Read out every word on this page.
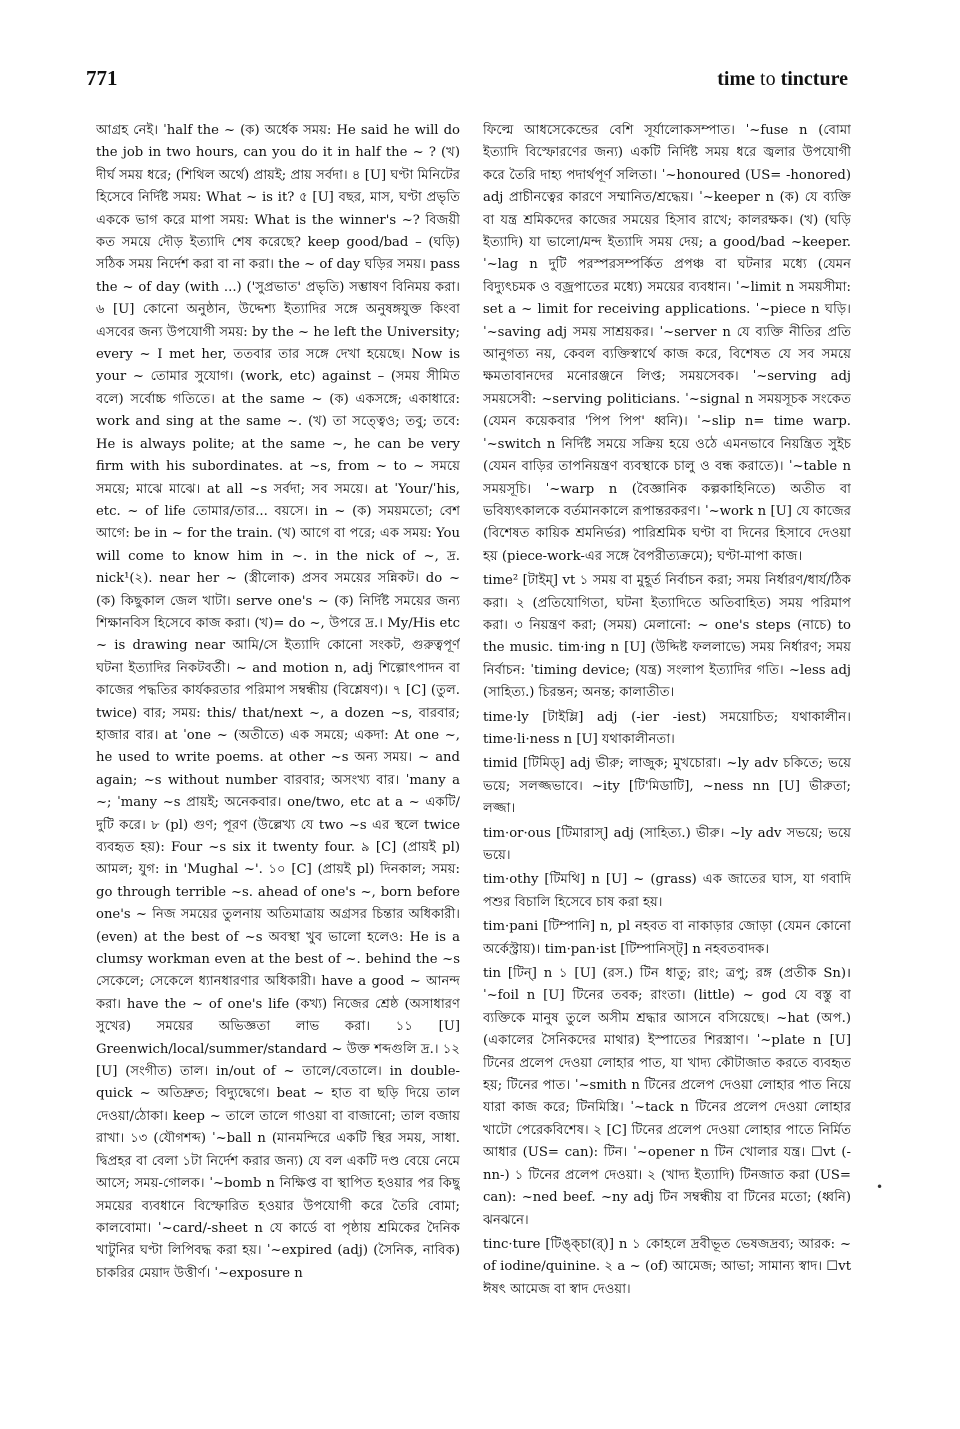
771	time to tincture

আগ্রহ নেই। ˈhalf the ~ (ক) অর্ধেক সময়: He said he will do the job in two hours, can you do it in half the ~ ? (খ) দীর্ঘ সময় ধরে; (শিথিল অর্থে) প্রায়ই; প্রায় সর্বদা। ৪ [U] ঘণ্টা মিনিটের হিসেবে নির্দিষ্ট সময়: What ~ is it? ৫ [U] বছর, মাস, ঘণ্টা প্রভৃতি এককে ভাগ করে মাপা সময়: What is the winner's ~? বিজয়ী কত সময়ে দৌড় ইত্যাদি শেষ করেছে? keep good/bad – (ঘড়ি) সঠিক সময় নির্দেশ করা বা না করা। the ~ of day ঘড়ির সময়। pass the ~ of day (with ...) ('সুপ্রভাত' প্রভৃতি) সম্ভাষণ বিনিময় করা। ৬ [U] কোনো অনুষ্ঠান, উদ্দেশ্য ইত্যাদির সঙ্গে অনুষঙ্গযুক্ত কিংবা এসবের জন্য উপযোগী সময়: by the ~ he left the University; every ~ I met her, ততবার তার সঙ্গে দেখা হয়েছে। Now is your ~ তোমার সুযোগ। (work, etc) against – (সময় সীমিত বলে) সর্বোচ্চ গতিতে। at the same ~ (ক) একসঙ্গে; একাধারে: work and sing at the same ~. (খ) তা সত্ত্বেও; তবু; তবে: He is always polite; at the same ~, he can be very firm with his subordinates. at ~s, from ~ to ~ সময়ে সময়ে; মাঝে মাঝে। at all ~s সর্বদা; সব সময়ে। at ˈYour/ˈhis, etc. ~ of life তোমার/তার... বয়সে। in ~ (ক) সময়মতো; বেশ আগে: be in ~ for the train. (খ) আগে বা পরে; এক সময়: You will come to know him in ~. in the nick of ~, দ্র. nick¹(২). near her ~ (স্ত্রীলোক) প্রসব সময়ের সন্নিকট। do ~ (ক) কিছুকাল জেল খাটা। serve one's ~ (ক) নির্দিষ্ট সময়ের জন্য শিক্ষানবিস হিসেবে কাজ করা। (খ)= do ~, উপরে দ্র.। My/His etc ~ is drawing near আমি/সে ইত্যাদি কোনো সংকট, গুরুত্বপূর্ণ ঘটনা ইত্যাদির নিকটবর্তী। ~ and motion n, adj শিল্পোৎপাদন বা কাজের পদ্ধতির কার্যকরতার পরিমাপ সম্বন্ধীয় (বিশ্লেষণ)। ৭ [C] (তুল. twice) বার; সময়: this/ that/next ~, a dozen ~s, বারবার; হাজার বার। at ˈone ~ (অতীতে) এক সময়ে; একদা: At one ~, he used to write poems. at other ~s অন্য সময়। ~ and again; ~s without number বারবার; অসংখ্য বার। ˈmany a ~; ˈmany ~s প্রায়ই; অনেকবার। one/two, etc at a ~ একটি/দুটি করে। ৮ (pl) গুণ; পূরণ (উল্লেখ্য যে two ~s এর স্থলে twice ব্যবহৃত হয়): Four ~s six it twenty four. ৯ [C] (প্রায়ই pl) আমল; যুগ: in 'Mughal ~'. ১০ [C] (প্রায়ই pl) দিনকাল; সময়: go through terrible ~s. ahead of one's ~, born before one's ~ নিজ সময়ের তুলনায় অতিমাত্রায় অগ্রসর চিন্তার অধিকারী। (even) at the best of ~s অবস্থা খুব ভালো হলেও: He is a clumsy workman even at the best of ~. behind the ~s সেকেলে; সেকেলে ধ্যানধারণার অধিকারী। have a good ~ আনন্দ করা। have the ~ of one's life (কখ্য) নিজের শ্রেষ্ঠ (অসাধারণ সুখের) সময়ের অভিজ্ঞতা লাভ করা। ১১ [U] Greenwich/local/summer/standard ~ উক্ত শব্দগুলি দ্র.। ১২ [U] (সংগীত) তাল। in/out of ~ তালে/বেতালে। in double-quick ~ অতিদ্রুত; বিদ্যুদ্বেগে। beat ~ হাত বা ছড়ি দিয়ে তাল দেওয়া/ঠোকা। keep ~ তালে তালে গাওয়া বা বাজানো; তাল বজায় রাখা। ১৩ (যৌগশব্দ) ˈ~ball n (মানমন্দিরে একটি স্থির সময়, সাধা. দ্বিপ্রহর বা বেলা ১টা নির্দেশ করার জন্য) যে বল একটি দণ্ড বেয়ে নেমে আসে; সময়-গোলক। ˈ~bomb n নিক্ষিপ্ত বা স্থাপিত হওয়ার পর কিছু সময়ের ব্যবধানে বিস্ফোরিত হওয়ার উপযোগী করে তৈরি বোমা; কালবোমা। ˈ~card/-sheet n যে কার্ডে বা পৃষ্ঠায় শ্রমিকের দৈনিক খাটুনির ঘণ্টা লিপিবদ্ধ করা হয়। ˈ~expired (adj) (সৈনিক, নাবিক) চাকরির মেয়াদ উত্তীর্ণ। ˈ~exposure n

ফিল্মে আধসেকেন্ডের বেশি সূর্যালোকসম্পাত। ˈ~fuse n (বোমা ইত্যাদি বিস্ফোরণের জন্য) একটি নির্দিষ্ট সময় ধরে জ্বলার উপযোগী করে তৈরি দাহ্য পদার্থপূর্ণ সলিতা। ˈ~honoured (US= -honored) adj প্রাচীনত্বের কারণে সম্মানিত/শ্রদ্ধেয়। ˈ~keeper n (ক) যে ব্যক্তি বা যন্ত্র শ্রমিকদের কাজের সময়ের হিসাব রাখে; কালরক্ষক। (খ) (ঘড়ি ইত্যাদি) যা ভালো/মন্দ ইত্যাদি সময় দেয়; a good/bad ~keeper. ˈ~lag n দুটি পরস্পরসম্পর্কিত প্রপঞ্চ বা ঘটনার মধ্যে (যেমন বিদ্যুৎচমক ও বজ্রপাতের মধ্যে) সময়ের ব্যবধান। ˈ~limit n সময়সীমা: set a ~ limit for receiving applications. ˈ~piece n ঘড়ি। ˈ~saving adj সময় সাশ্রয়কর। ˈ~server n যে ব্যক্তি নীতির প্রতি আনুগত্য নয়, কেবল ব্যক্তিস্বার্থে কাজ করে, বিশেষত যে সব সময়ে ক্ষমতাবানদের মনোরঞ্জনে লিপ্ত; সময়সেবক। ˈ~serving adj সময়সেবী: ~serving politicians. ˈ~signal n সময়সূচক সংকেত (যেমন কয়েকবার 'পিপ পিপ' ধ্বনি)। ˈ~slip n= time warp. ˈ~switch n নির্দিষ্ট সময়ে সক্রিয় হয়ে ওঠে এমনভাবে নিয়ন্ত্রিত সুইচ (যেমন বাড়ির তাপনিয়ন্ত্রণ ব্যবস্থাকে চালু ও বন্ধ করাতে)। ˈ~table n সময়সূচি। ˈ~warp n (বৈজ্ঞানিক কল্পকাহিনিতে) অতীত বা ভবিষ্যৎকালকে বর্তমানকালে রূপান্তরকরণ। ˈ~work n [U] যে কাজের (বিশেষত কায়িক শ্রমনির্ভর) পারিশ্রমিক ঘণ্টা বা দিনের হিসাবে দেওয়া হয় (piece-work-এর সঙ্গে বৈপরীত্যক্রমে); ঘণ্টা-মাপা কাজ।

time² [টাইম্] vt ১ সময় বা মুহূর্ত নির্বাচন করা; সময় নির্ধারণ/ধার্য/ঠিক করা। ২ (প্রতিযোগিতা, ঘটনা ইত্যাদিতে অতিবাহিত) সময় পরিমাপ করা। ৩ নিয়ন্ত্রণ করা; (সময়) মেলানো: ~ one's steps (নাচে) to the music. tim·ing n [U] (উদ্দিষ্ট ফললাভে) সময় নির্ধারণ; সময় নির্বাচন: ˈtiming device; (যন্ত্র) সংলাপ ইত্যাদির গতি। ~less adj (সাহিত্য.) চিরন্তন; অনন্ত; কালাতীত।

time·ly [টাইম্লি] adj (-ier -iest) সময়োচিত; যথাকালীন। time·li·ness n [U] যথাকালীনতা।

timid [টিমিড্] adj ভীরু; লাজুক; মুখচোরা। ~ly adv চকিতে; ভয়ে ভয়ে; সলজ্জভাবে। ~ity [টি'মিডাটি], ~ness nn [U] ভীরুতা; লজ্জা।

tim·or·ous [টিমারাস্] adj (সাহিত্য.) ভীরু। ~ly adv সভয়ে; ভয়ে ভয়ে।

tim·othy [টিমথি] n [U] ~ (grass) এক জাতের ঘাস, যা গবাদি পশুর বিচালি হিসেবে চাষ করা হয়।

tim·pani [টিম্পানি] n, pl নহবত বা নাকাড়ার জোড়া (যেমন কোনো অর্কেস্ট্রায়)। tim·pan·ist [টিম্পানিস্ট্] n নহবতবাদক।

tin [টিন্] n ১ [U] (রস.) টিন ধাতু; রাং; ত্রপু; রঙ্গ (প্রতীক Sn)। ˈ~foil n [U] টিনের তবক; রাংতা। (little) ~ god যে বস্তু বা ব্যক্তিকে মানুষ তুলে অসীম শ্রদ্ধার আসনে বসিয়েছে। ~hat (অপ.) (একালের সৈনিকদের মাথার) ইস্পাতের শিরস্ত্রাণ। ˈ~plate n [U] টিনের প্রলেপ দেওয়া লোহার পাত, যা খাদ্য কৌটাজাত করতে ব্যবহৃত হয়; টিনের পাত। ˈ~smith n টিনের প্রলেপ দেওয়া লোহার পাত নিয়ে যারা কাজ করে; টিনমিস্ত্রি। ˈ~tack n টিনের প্রলেপ দেওয়া লোহার খাটো পেরেকবিশেষ। ২ [C] টিনের প্রলেপ দেওয়া লোহার পাতে নির্মিত আধার (US= can): টিন। ˈ~opener n টিন খোলার যন্ত্র। ☐vt (-nn-) ১ টিনের প্রলেপ দেওয়া। ২ (খাদ্য ইত্যাদি) টিনজাত করা (US= can): ~ned beef. ~ny adj টিন সম্বন্ধীয় বা টিনের মতো; (ধ্বনি) ঝনঝনে।

tinc·ture [টিঙ্ক্চা(র্)] n ১ কোহলে দ্রবীভূত ভেষজদ্রব্য; আরক: ~ of iodine/quinine. ২ a ~ (of) আমেজ; আভা; সামান্য স্বাদ। ☐vt ঈষৎ আমেজ বা স্বাদ দেওয়া।

•
